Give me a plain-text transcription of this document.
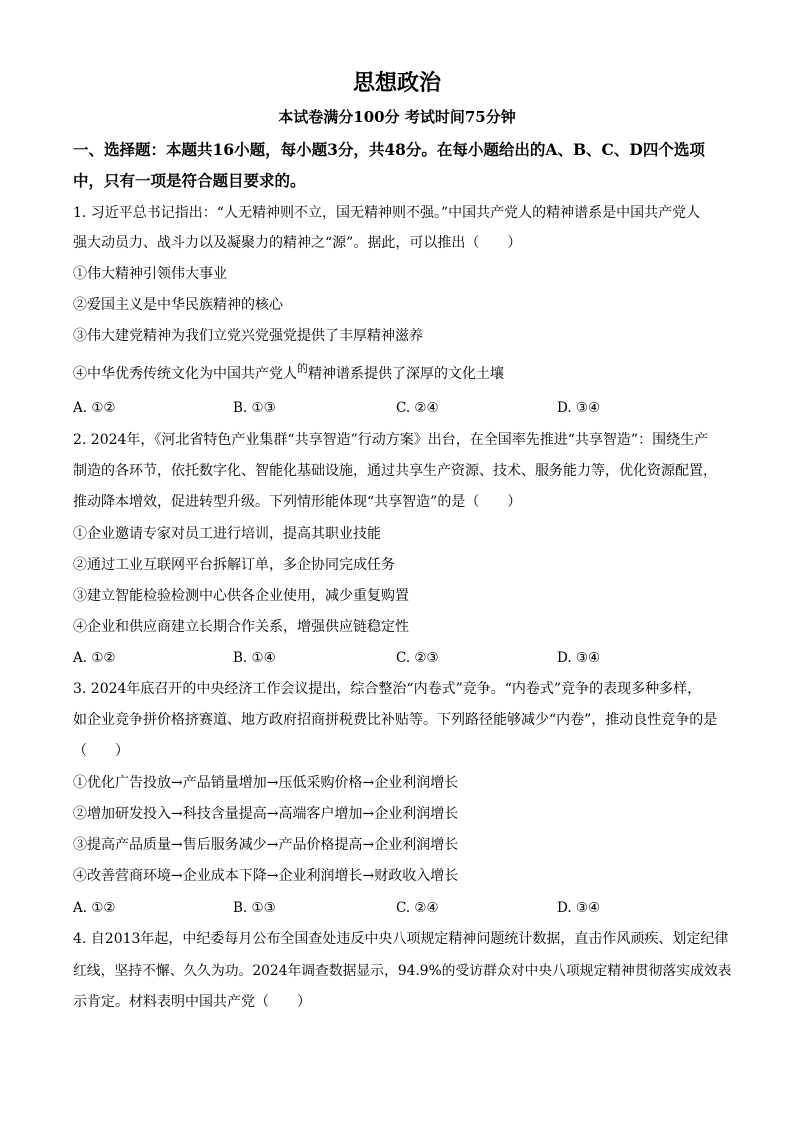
思想政治
本试卷满分100分 考试时间75分钟
一、选择题：本题共16小题，每小题3分，共48分。在每小题给出的A、B、C、D四个选项
中，只有一项是符合题目要求的。
1. 习近平总书记指出：“人无精神则不立，国无精神则不强。”中国共产党人的精神谱系是中国共产党人
强大动员力、战斗力以及凝聚力的精神之“源”。据此，可以推出（　　）
①伟大精神引领伟大事业
②爱国主义是中华民族精神的核心
③伟大建党精神为我们立党兴党强党提供了丰厚精神滋养
④中华优秀传统文化为中国共产党人$^的$精神谱系提供了深厚的文化土壤
A. ①②	B. ①③	C. ②④	D. ③④
2. 2024年，《河北省特色产业集群“共享智造”行动方案》出台，在全国率先推进“共享智造”：围绕生产
制造的各环节，依托数字化、智能化基础设施，通过共享生产资源、技术、服务能力等，优化资源配置，
推动降本增效，促进转型升级。下列情形能体现“共享智造”的是（　　）
①企业邀请专家对员工进行培训，提高其职业技能
②通过工业互联网平台拆解订单，多企协同完成任务
③建立智能检验检测中心供各企业使用，减少重复购置
④企业和供应商建立长期合作关系，增强供应链稳定性
A. ①②	B. ①④	C. ②③	D. ③④
3. 2024年底召开的中央经济工作会议提出，综合整治“内卷式”竞争。“内卷式”竞争的表现多种多样，
如企业竞争拼价格挤赛道、地方政府招商拼税费比补贴等。下列路径能够减少“内卷”，推动良性竞争的是
（　　）
①优化广告投放→产品销量增加→压低采购价格→企业利润增长
②增加研发投入→科技含量提高→高端客户增加→企业利润增长
③提高产品质量→售后服务减少→产品价格提高→企业利润增长
④改善营商环境→企业成本下降→企业利润增长→财政收入增长
A. ①②	B. ①③	C. ②④	D. ③④
4. 自2013年起，中纪委每月公布全国查处违反中央八项规定精神问题统计数据，直击作风顽疾、划定纪律
红线，坚持不懈、久久为功。2024年调查数据显示，94.9%的受访群众对中央八项规定精神贯彻落实成效表
示肯定。材料表明中国共产党（　　）
